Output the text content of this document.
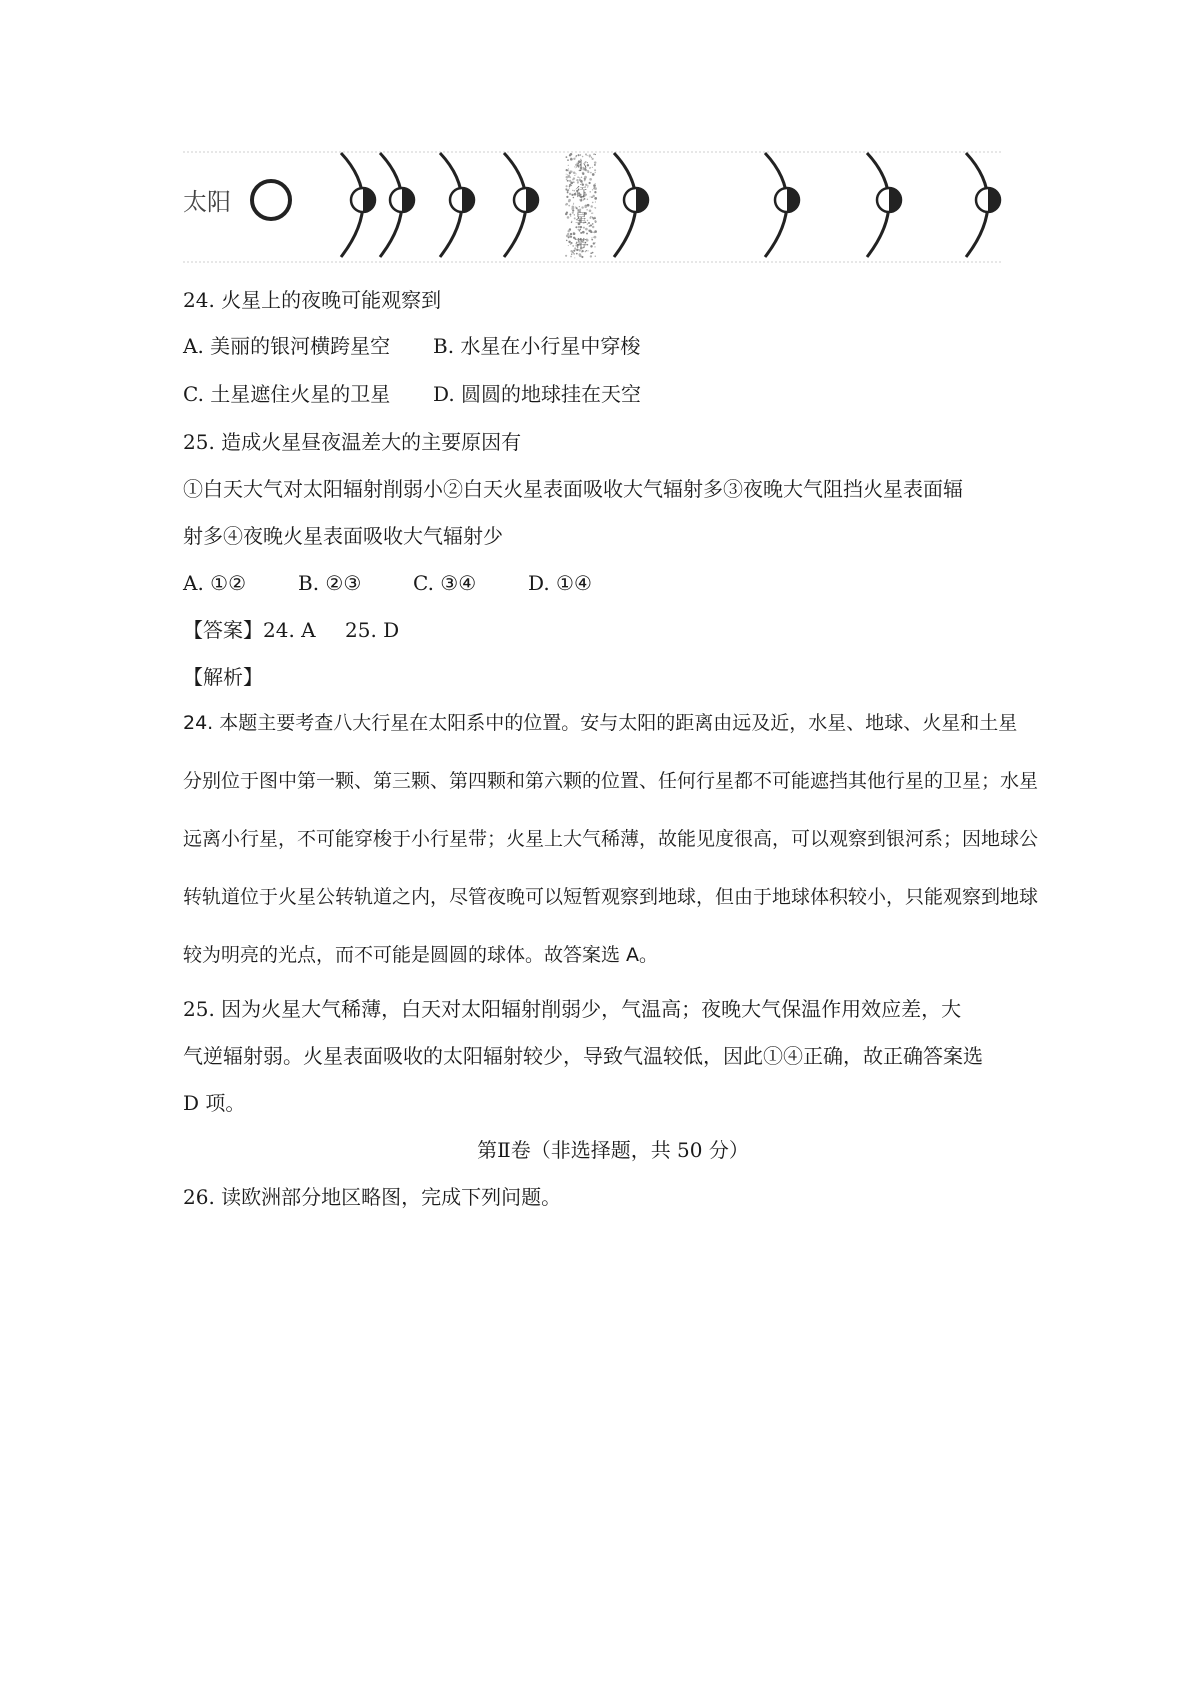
太阳
小
行
星
带
24. 火星上的夜晚可能观察到
A. 美丽的银河横跨星空 B. 水星在小行星中穿梭
C. 土星遮住火星的卫星 D. 圆圆的地球挂在天空
25. 造成火星昼夜温差大的主要原因有
①白天大气对太阳辐射削弱小②白天火星表面吸收大气辐射多③夜晚大气阻挡火星表面辐
射多④夜晚火星表面吸收大气辐射少
A. ①②	B. ②③	C. ③④	D. ①④
【答案】24. A 25. D
【解析】
24. 本题主要考查八大行星在太阳系中的位置。安与太阳的距离由远及近，水星、地球、火星和土星
分别位于图中第一颗、第三颗、第四颗和第六颗的位置、任何行星都不可能遮挡其他行星的卫星；水星
远离小行星，不可能穿梭于小行星带；火星上大气稀薄，故能见度很高，可以观察到银河系；因地球公
转轨道位于火星公转轨道之内，尽管夜晚可以短暂观察到地球，但由于地球体积较小，只能观察到地球
较为明亮的光点，而不可能是圆圆的球体。故答案选 A。
25. 因为火星大气稀薄，白天对太阳辐射削弱少，气温高；夜晚大气保温作用效应差，大
气逆辐射弱。火星表面吸收的太阳辐射较少，导致气温较低，因此①④正确，故正确答案选
D 项。
第Ⅱ卷（非选择题，共 50 分）
26. 读欧洲部分地区略图，完成下列问题。
